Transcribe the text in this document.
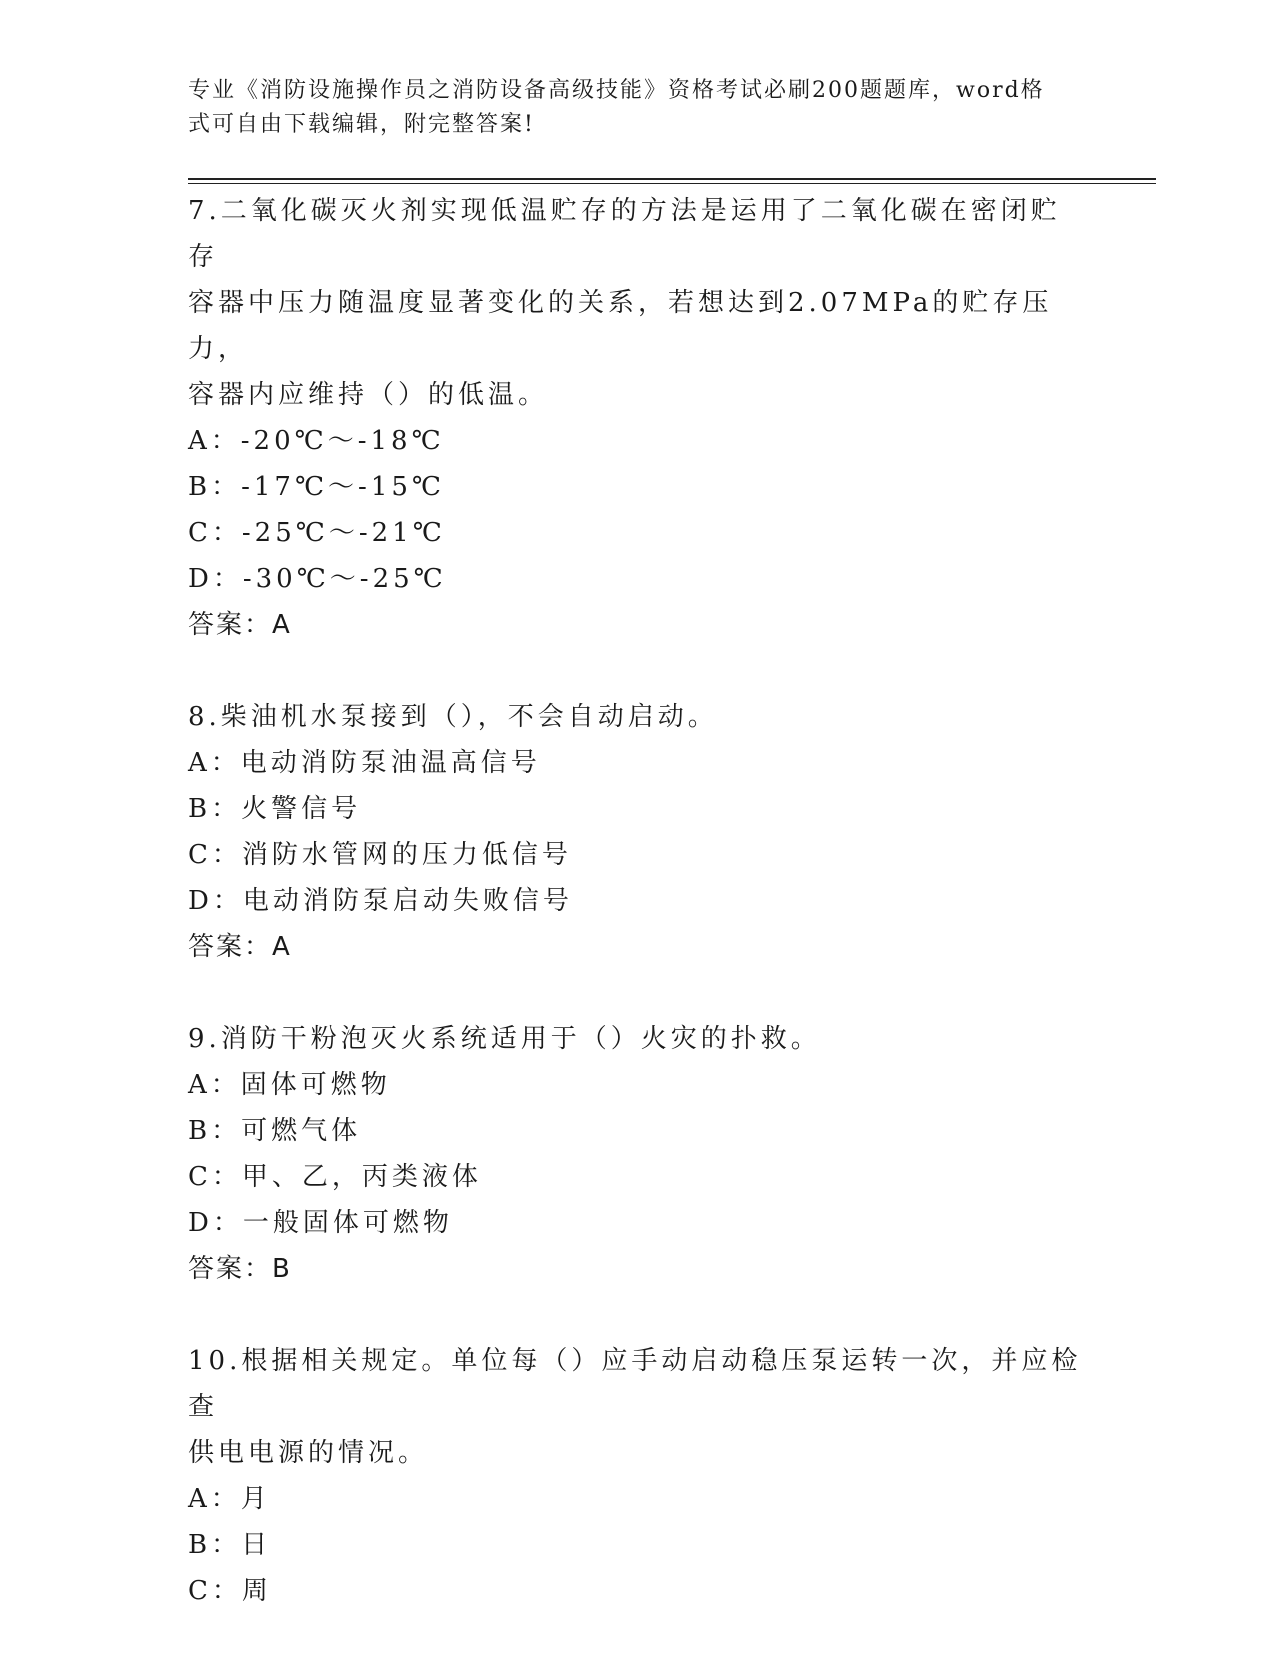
专业《消防设施操作员之消防设备高级技能》资格考试必刷200题题库，word格
式可自由下载编辑，附完整答案!

7.二氧化碳灭火剂实现低温贮存的方法是运用了二氧化碳在密闭贮存

容器中压力随温度显著变化的关系，若想达到2.07MPa的贮存压力，

容器内应维持（）的低温。

A：-20℃～-18℃

B：-17℃～-15℃

C：-25℃～-21℃

D：-30℃～-25℃

答案：A

8.柴油机水泵接到（），不会自动启动。

A：电动消防泵油温高信号

B：火警信号

C：消防水管网的压力低信号

D：电动消防泵启动失败信号

答案：A

9.消防干粉泡灭火系统适用于（）火灾的扑救。

A：固体可燃物

B：可燃气体

C：甲、乙，丙类液体

D：一般固体可燃物

答案：B

10.根据相关规定。单位每（）应手动启动稳压泵运转一次，并应检查

供电电源的情况。

A：月

B：日

C：周
